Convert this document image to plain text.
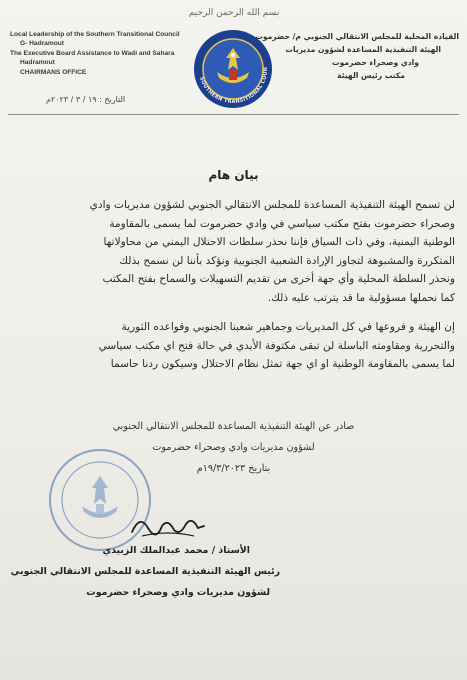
Local Leadership of the Southern Transitional Council
G- Hadramout
The Executive Board Assistance to Wadi and Sahara
Hadramout
CHAIRMANS OFFICE
بسم الله الرحمن الرحيم
SOUTHERN TRANSITIONAL COUN
القيادة المحلية للمجلس الانتقالي الجنوبي م/ حضرموت
الهيئة التنفيذية المساعدة لشؤون مديريات
وادي وصحراء حضرموت
مكتب رئيس الهيئة
التاريخ : ١٩ / ٣ / ٢٠٢٣م
بيان هام
لن تسمح الهيئة التنفيذية المساعدة للمجلس الانتقالي الجنوبي لشؤون مديريات وادي
وصحراء حضرموت بفتح مكتب سياسي في وادي حضرموت لما يسمى بالمقاومة
الوطنية اليمنية، وفي ذات السياق فإننا نحذر سلطات الاحتلال اليمني من محاولاتها
المتكررة والمشبوهة لتجاوز الإرادة الشعبية الجنوبية ونؤكد بأننا لن نسمح بذلك
ونحذر السلطة المحلية وأي جهة أخرى من تقديم التسهيلات والسماح بفتح المكتب
كما نحملها مسؤولية ما قد يترتب عليه ذلك.
إن الهيئة و فروعها في كل المديريات وجماهير شعبنا الجنوبي وقواعده الثورية
والتحررية ومقاومته الباسلة لن تبقى مكتوفة الأيدي في حالة فتح اي مكتب سياسي
لما يسمى بالمقاومة الوطنية او اي جهة تمثل نظام الاحتلال وسيكون ردنا حاسما
صادر عن الهيئة التنفيذية المساعدة للمجلس الانتقالي الجنوبي
لشؤون مديريات وادي وصحراء حضرموت
بتاريخ ١٩/٣/٢٠٢٣م
الأستاذ / محمد عبدالملك الزبيدي
رئيس الهيئة التنفيذية المساعدة للمجلس الانتقالي الجنوبي
لشؤون مديريات وادي وصحراء حضرموت
